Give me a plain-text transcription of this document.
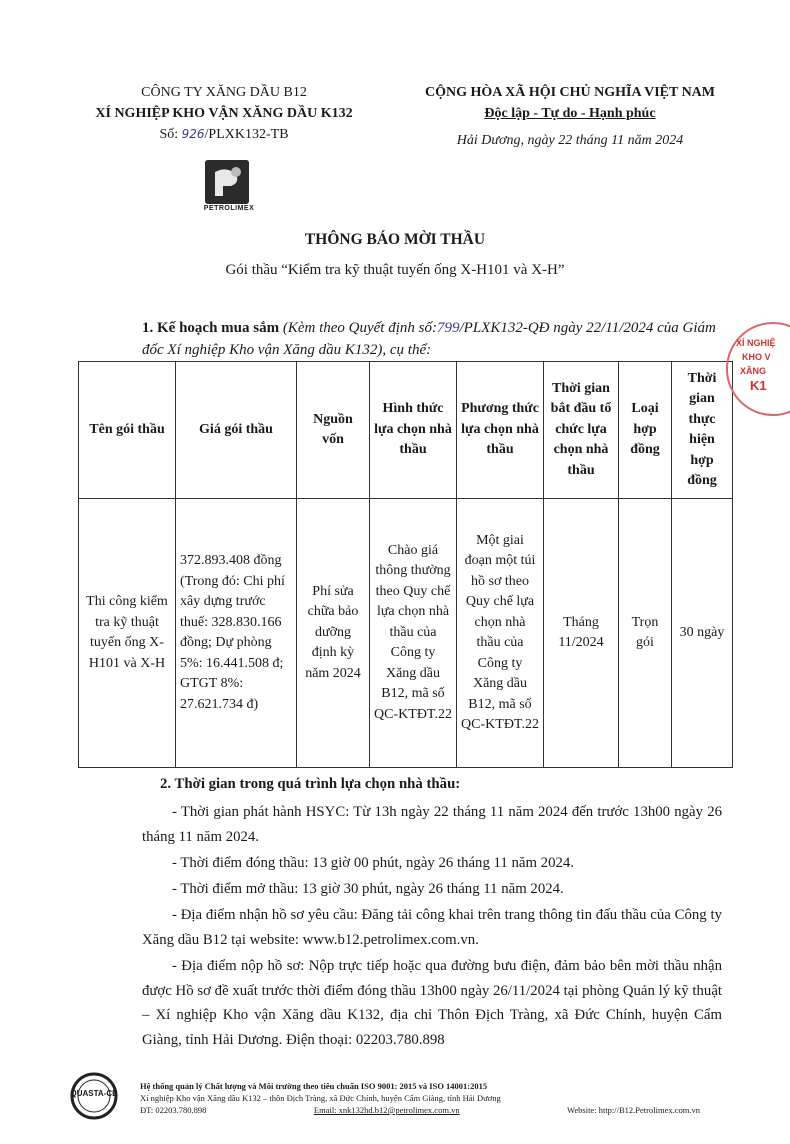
CÔNG TY XĂNG DẦU B12
XÍ NGHIỆP KHO VẬN XĂNG DẦU K132
Số: 926/PLXK132-TB
PETROLIMEX
CỘNG HÒA XÃ HỘI CHỦ NGHĨA VIỆT NAM
Độc lập - Tự do - Hạnh phúc
Hải Dương, ngày 22 tháng 11 năm 2024
THÔNG BÁO MỜI THẦU
Gói thầu “Kiểm tra kỹ thuật tuyến ống X-H101 và X-H”
1. Kế hoạch mua sắm (Kèm theo Quyết định số:799/PLXK132-QĐ ngày 22/11/2024 của Giám đốc Xí nghiệp Kho vận Xăng dầu K132), cụ thể:
Tên gói thầu	Giá gói thầu	Nguồn vốn	Hình thức lựa chọn nhà thầu	Phương thức lựa chọn nhà thầu	Thời gian bắt đầu tổ chức lựa chọn nhà thầu	Loại hợp đồng	Thời gian thực hiện hợp đồng
Thi công kiểm tra kỹ thuật tuyến ống X-H101 và X-H	372.893.408 đồng (Trong đó: Chi phí xây dựng trước thuế: 328.830.166 đồng; Dự phòng 5%: 16.441.508 đ; GTGT 8%: 27.621.734 đ)	Phí sửa chữa bảo dưỡng định kỳ năm 2024	Chào giá thông thường theo Quy chế lựa chọn nhà thầu của Công ty Xăng dầu B12, mã số QC-KTĐT.22	Một giai đoạn một túi hồ sơ theo Quy chế lựa chọn nhà thầu của Công ty Xăng dầu B12, mã số QC-KTĐT.22	Tháng 11/2024	Trọn gói	30 ngày
XÍ NGHIỆ
KHO V
XĂNG
K1
2. Thời gian trong quá trình lựa chọn nhà thầu:
- Thời gian phát hành HSYC: Từ 13h ngày 22 tháng 11 năm 2024 đến trước 13h00 ngày 26 tháng 11 năm 2024.
- Thời điểm đóng thầu: 13 giờ 00 phút, ngày 26 tháng 11 năm 2024.
- Thời điểm mở thầu: 13 giờ 30 phút, ngày 26 tháng 11 năm 2024.
- Địa điểm nhận hồ sơ yêu cầu: Đăng tải công khai trên trang thông tin đấu thầu của Công ty Xăng dầu B12 tại website: www.b12.petrolimex.com.vn.
- Địa điểm nộp hồ sơ: Nộp trực tiếp hoặc qua đường bưu điện, đảm bảo bên mời thầu nhận được Hồ sơ đề xuất trước thời điểm đóng thầu 13h00 ngày 26/11/2024 tại phòng Quản lý kỹ thuật – Xí nghiệp Kho vận Xăng dầu K132, địa chỉ Thôn Địch Tràng, xã Đức Chính, huyện Cẩm Giàng, tỉnh Hải Dương. Điện thoại: 02203.780.898
QUASTA-CE
Hệ thống quản lý Chất lượng và Môi trường theo tiêu chuẩn ISO 9001: 2015 và ISO 14001:2015
Xí nghiệp Kho vận Xăng dầu K132 – thôn Địch Tràng, xã Đức Chính, huyện Cẩm Giàng, tỉnh Hải Dương
ĐT: 02203.780.898	Email: xnk132hd.b12@petrolimex.com.vn	Website: http://B12.Petrolimex.com.vn
